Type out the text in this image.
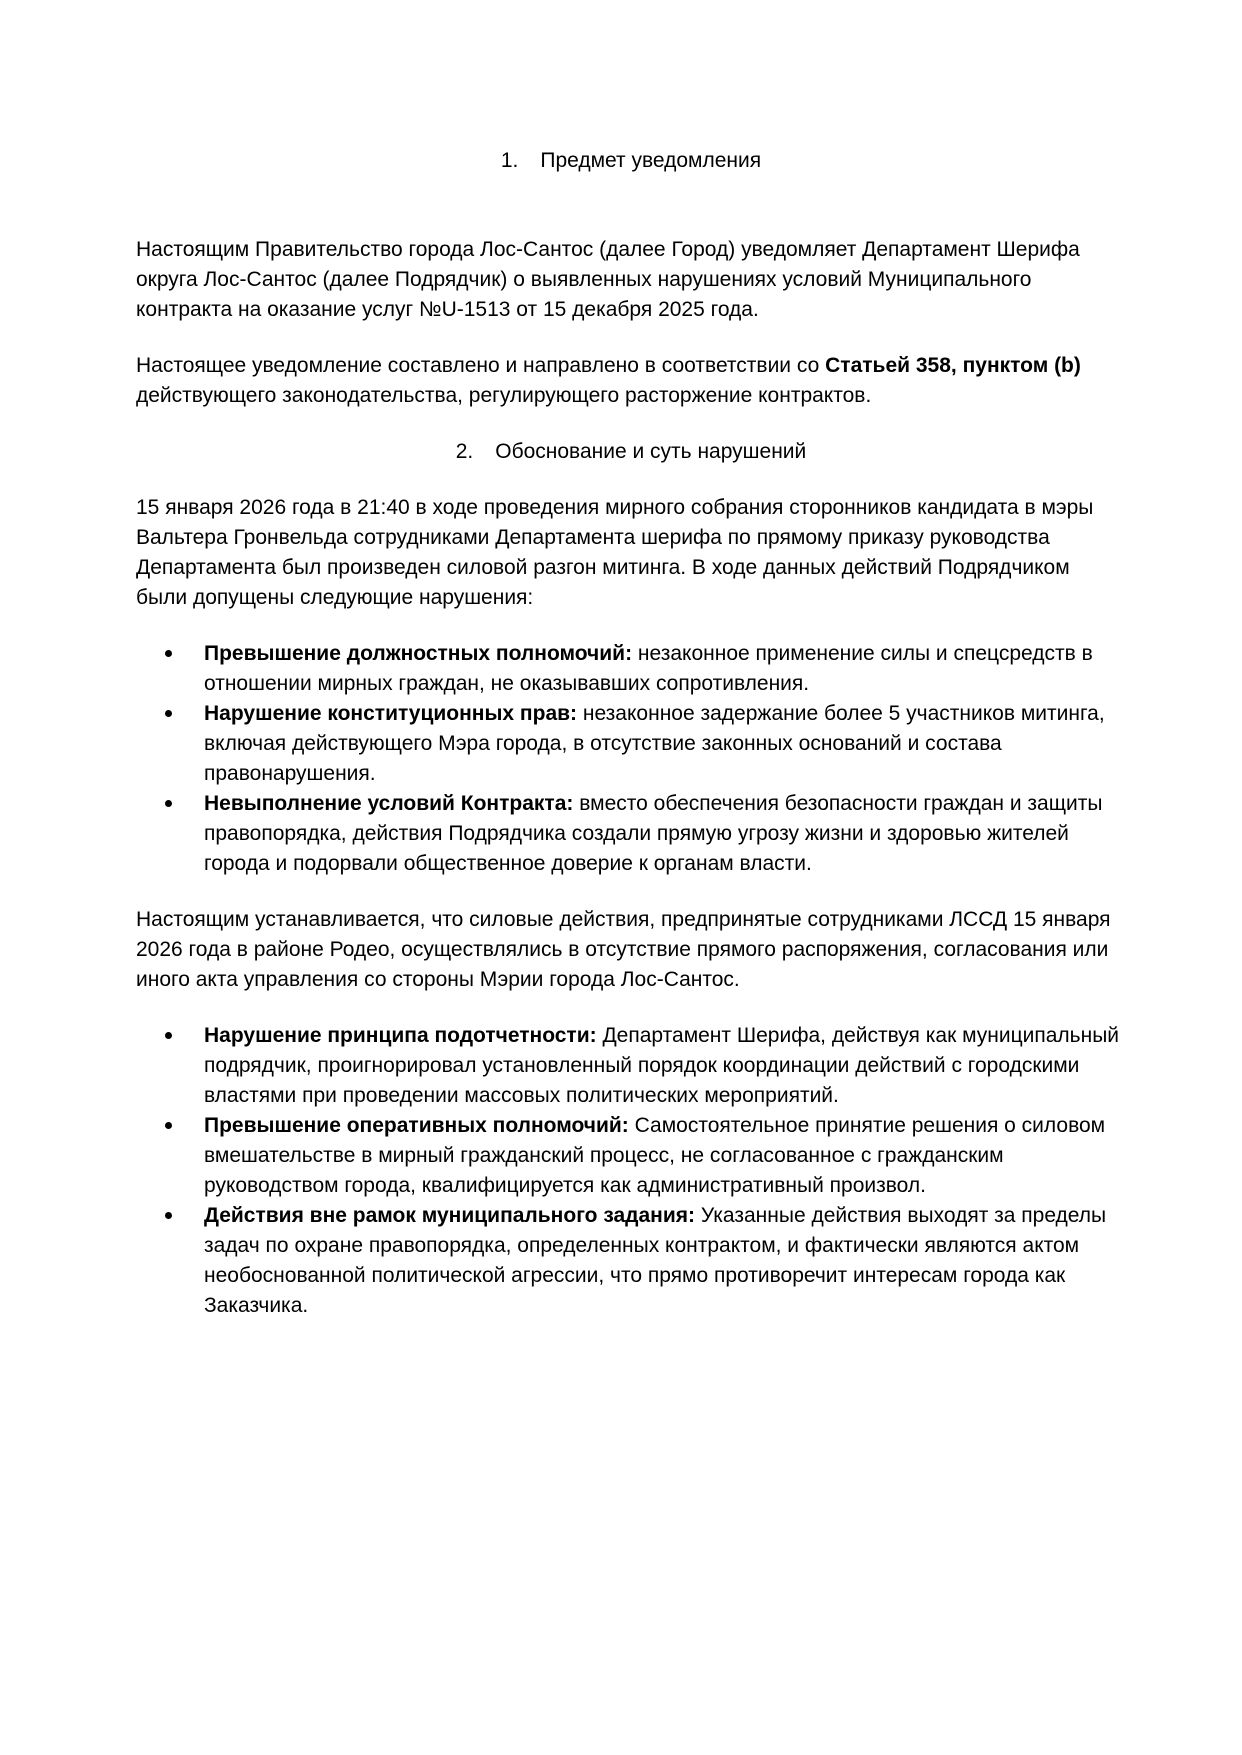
1. Предмет уведомления

Настоящим Правительство города Лос-Сантос (далее Город) уведомляет Департамент Шерифа округа Лос-Сантос (далее Подрядчик) о выявленных нарушениях условий Муниципального контракта на оказание услуг №U-1513 от 15 декабря 2025 года.

Настоящее уведомление составлено и направлено в соответствии со Статьей 358, пунктом (b) действующего законодательства, регулирующего расторжение контрактов.

2. Обоснование и суть нарушений

15 января 2026 года в 21:40 в ходе проведения мирного собрания сторонников кандидата в мэры Вальтера Гронвельда сотрудниками Департамента шерифа по прямому приказу руководства Департамента был произведен силовой разгон митинга. В ходе данных действий Подрядчиком были допущены следующие нарушения:

Превышение должностных полномочий: незаконное применение силы и спецсредств в отношении мирных граждан, не оказывавших сопротивления.
Нарушение конституционных прав: незаконное задержание более 5 участников митинга, включая действующего Мэра города, в отсутствие законных оснований и состава правонарушения.
Невыполнение условий Контракта: вместо обеспечения безопасности граждан и защиты правопорядка, действия Подрядчика создали прямую угрозу жизни и здоровью жителей города и подорвали общественное доверие к органам власти.

Настоящим устанавливается, что силовые действия, предпринятые сотрудниками ЛССД 15 января 2026 года в районе Родео, осуществлялись в отсутствие прямого распоряжения, согласования или иного акта управления со стороны Мэрии города Лос-Сантос.

Нарушение принципа подотчетности: Департамент Шерифа, действуя как муниципальный подрядчик, проигнорировал установленный порядок координации действий с городскими властями при проведении массовых политических мероприятий.
Превышение оперативных полномочий: Самостоятельное принятие решения о силовом вмешательстве в мирный гражданский процесс, не согласованное с гражданским руководством города, квалифицируется как административный произвол.
Действия вне рамок муниципального задания: Указанные действия выходят за пределы задач по охране правопорядка, определенных контрактом, и фактически являются актом необоснованной политической агрессии, что прямо противоречит интересам города как Заказчика.
